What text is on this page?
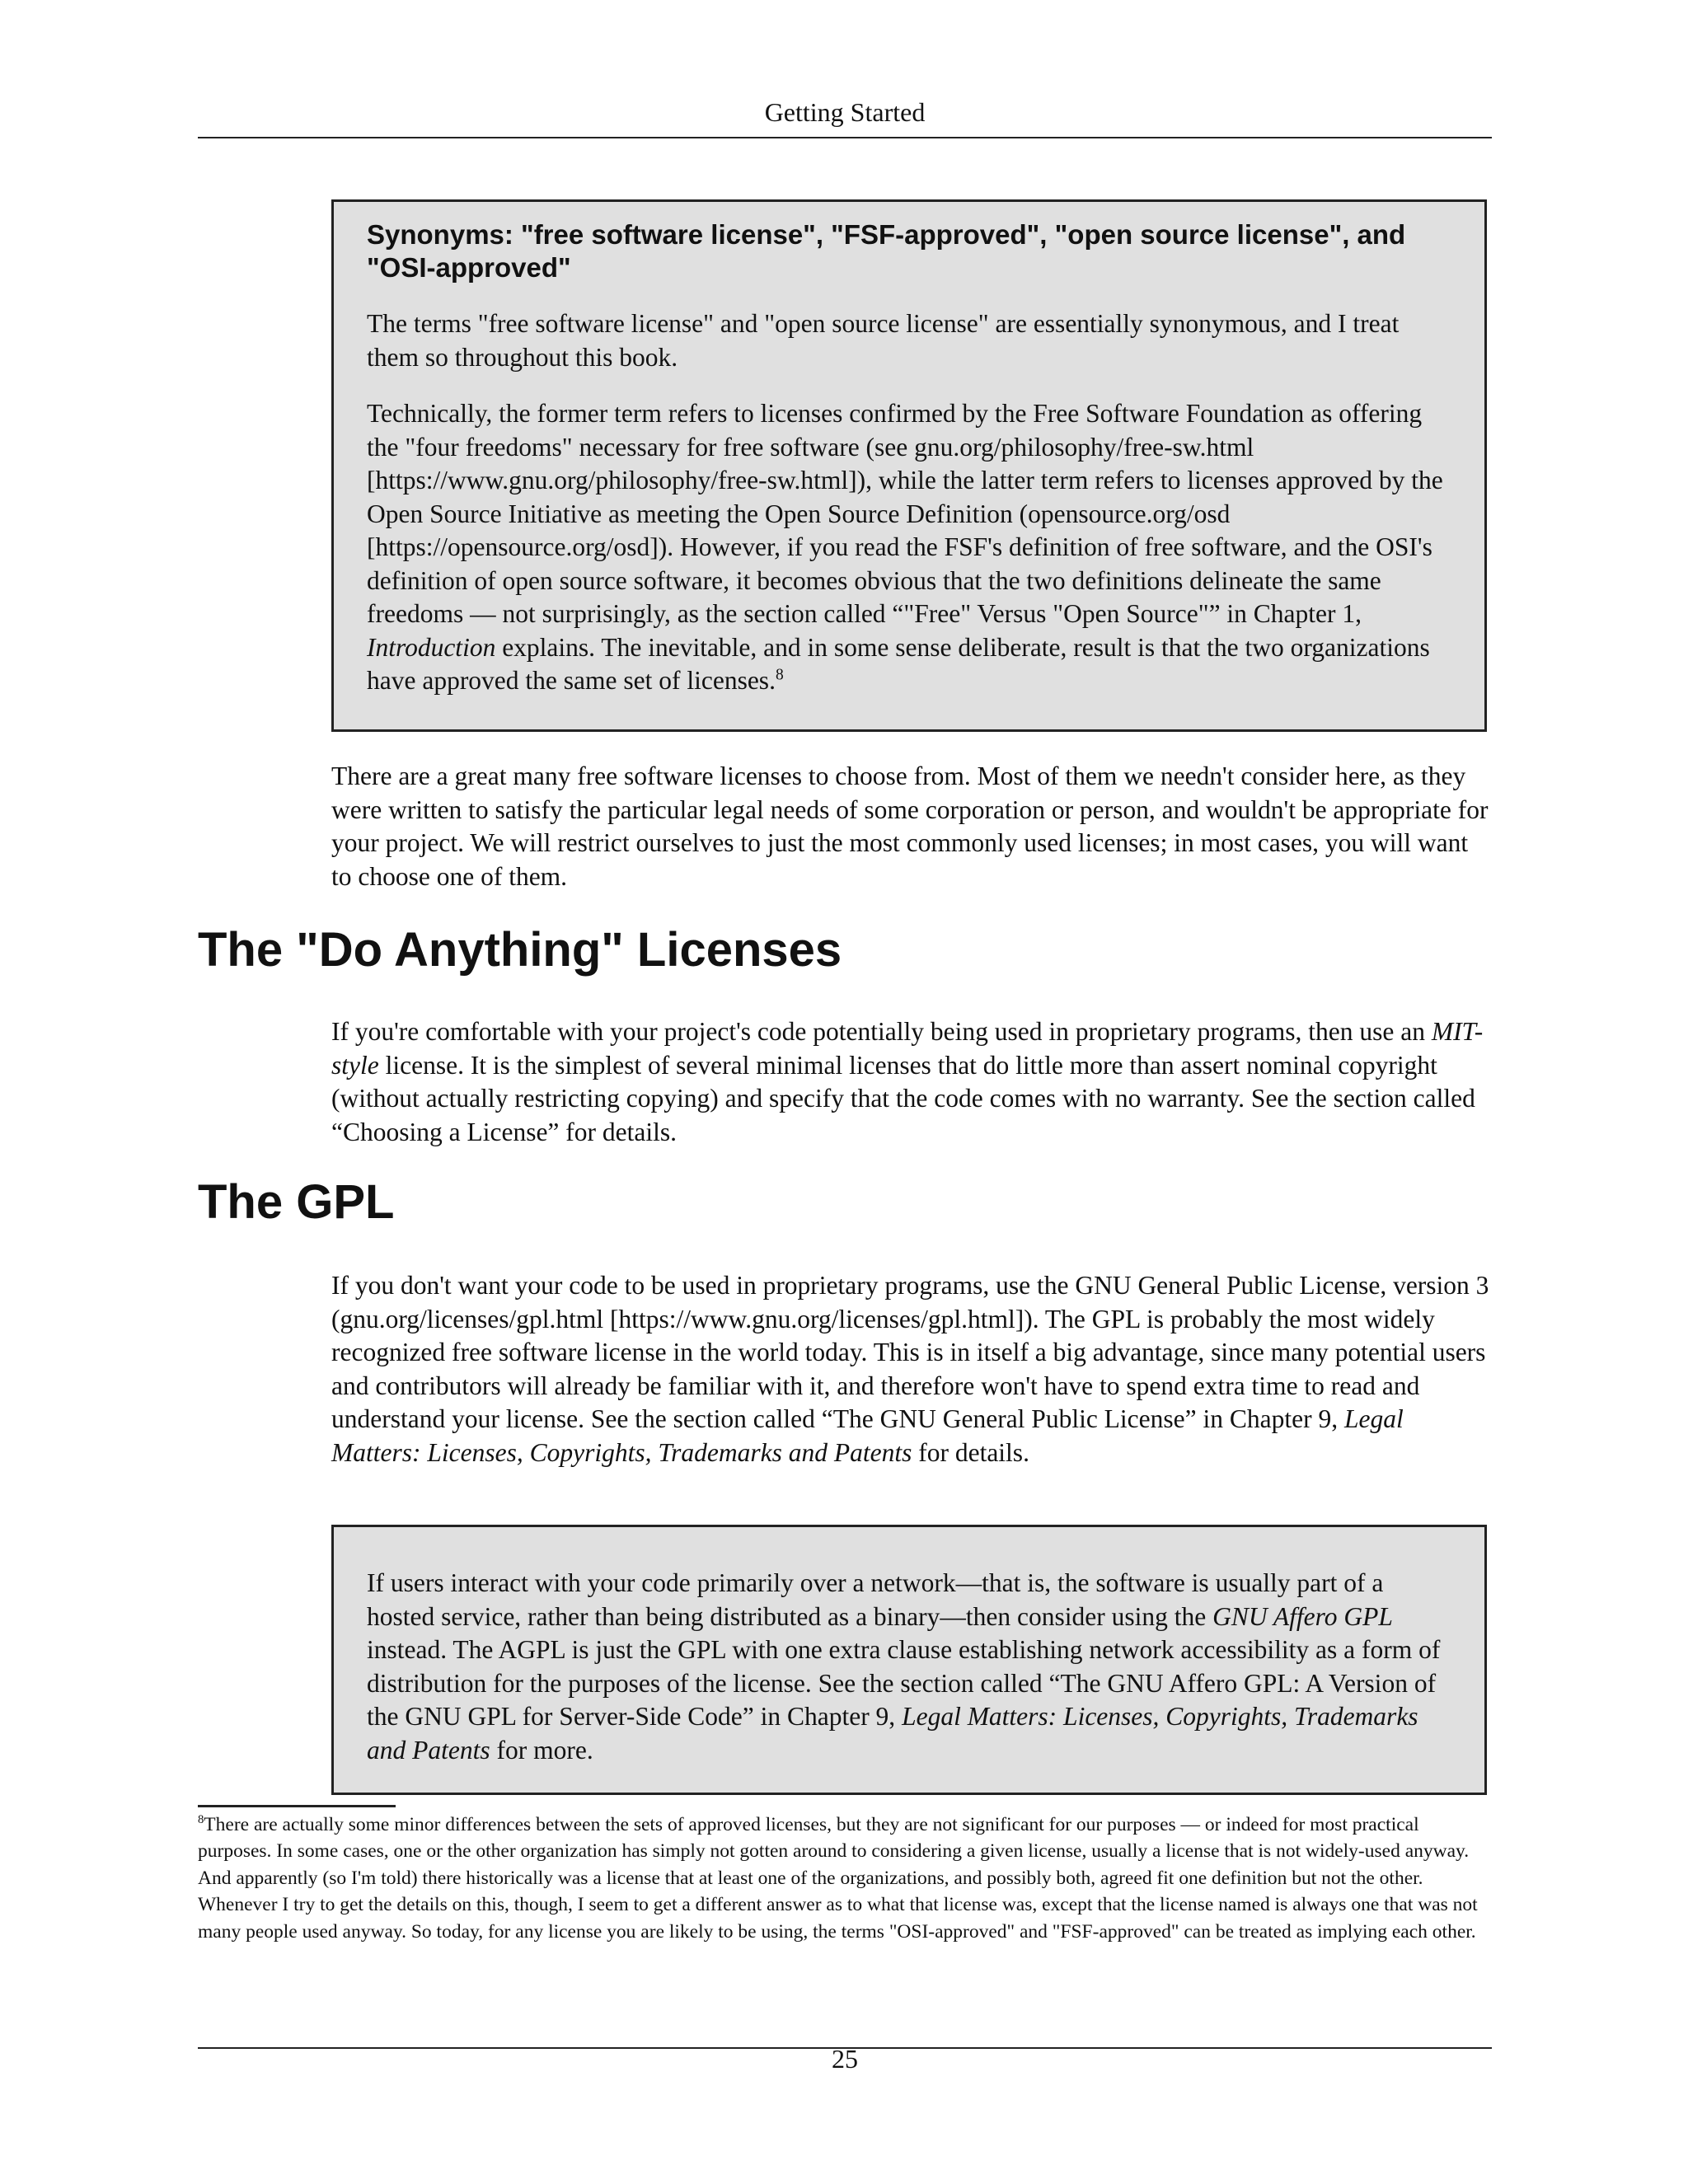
Getting Started

Synonyms: "free software license", "FSF-approved", "open source license", and "OSI-approved"

The terms "free software license" and "open source license" are essentially synonymous, and I treat them so throughout this book.

Technically, the former term refers to licenses confirmed by the Free Software Foundation as offering the "four freedoms" necessary for free software (see gnu.org/philosophy/free-sw.html [https://www.gnu.org/philosophy/free-sw.html]), while the latter term refers to licenses approved by the Open Source Initiative as meeting the Open Source Definition (opensource.org/osd [https://opensource.org/osd]). However, if you read the FSF's definition of free software, and the OSI's definition of open source software, it becomes obvious that the two definitions delineate the same freedoms — not surprisingly, as the section called “"Free" Versus "Open Source"” in Chapter 1, Introduction explains. The inevitable, and in some sense deliberate, result is that the two organizations have approved the same set of licenses.$^8$

There are a great many free software licenses to choose from. Most of them we needn't consider here, as they were written to satisfy the particular legal needs of some corporation or person, and wouldn't be appropriate for your project. We will restrict ourselves to just the most commonly used licenses; in most cases, you will want to choose one of them.

The "Do Anything" Licenses

If you're comfortable with your project's code potentially being used in proprietary programs, then use an MIT-style license. It is the simplest of several minimal licenses that do little more than assert nominal copyright (without actually restricting copying) and specify that the code comes with no warranty. See the section called “Choosing a License” for details.

The GPL

If you don't want your code to be used in proprietary programs, use the GNU General Public License, version 3 (gnu.org/licenses/gpl.html [https://www.gnu.org/licenses/gpl.html]). The GPL is probably the most widely recognized free software license in the world today. This is in itself a big advantage, since many potential users and contributors will already be familiar with it, and therefore won't have to spend extra time to read and understand your license. See the section called “The GNU General Public License” in Chapter 9, Legal Matters: Licenses, Copyrights, Trademarks and Patents for details.

If users interact with your code primarily over a network—that is, the software is usually part of a hosted service, rather than being distributed as a binary—then consider using the GNU Affero GPL instead. The AGPL is just the GPL with one extra clause establishing network accessibility as a form of distribution for the purposes of the license. See the section called “The GNU Affero GPL: A Version of the GNU GPL for Server-Side Code” in Chapter 9, Legal Matters: Licenses, Copyrights, Trademarks and Patents for more.

$^8$There are actually some minor differences between the sets of approved licenses, but they are not significant for our purposes — or indeed for most practical purposes. In some cases, one or the other organization has simply not gotten around to considering a given license, usually a license that is not widely-used anyway. And apparently (so I'm told) there historically was a license that at least one of the organizations, and possibly both, agreed fit one definition but not the other. Whenever I try to get the details on this, though, I seem to get a different answer as to what that license was, except that the license named is always one that was not many people used anyway. So today, for any license you are likely to be using, the terms "OSI-approved" and "FSF-approved" can be treated as implying each other.

25
